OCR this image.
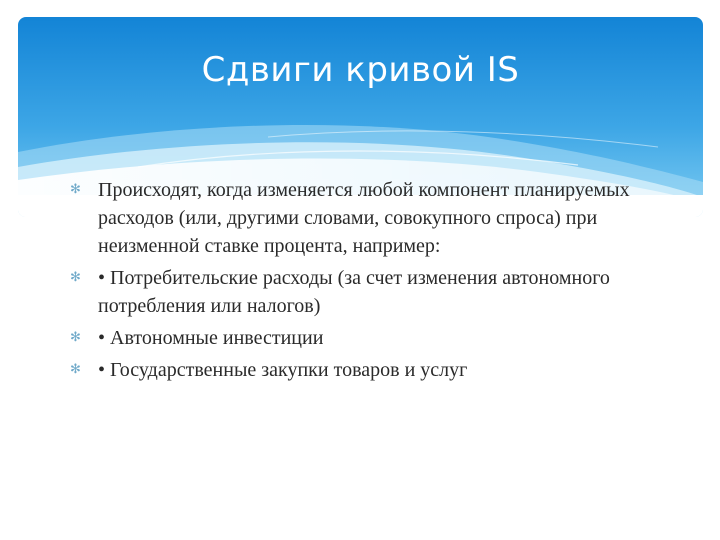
Сдвиги кривой IS
✻ Происходят, когда изменяется любой компонент планируемых расходов (или, другими словами, совокупного спроса) при неизменной ставке процента, например:
✻ • Потребительские расходы (за счет изменения автономного потребления или налогов)
✻ • Автономные инвестиции
✻ • Государственные закупки товаров и услуг
